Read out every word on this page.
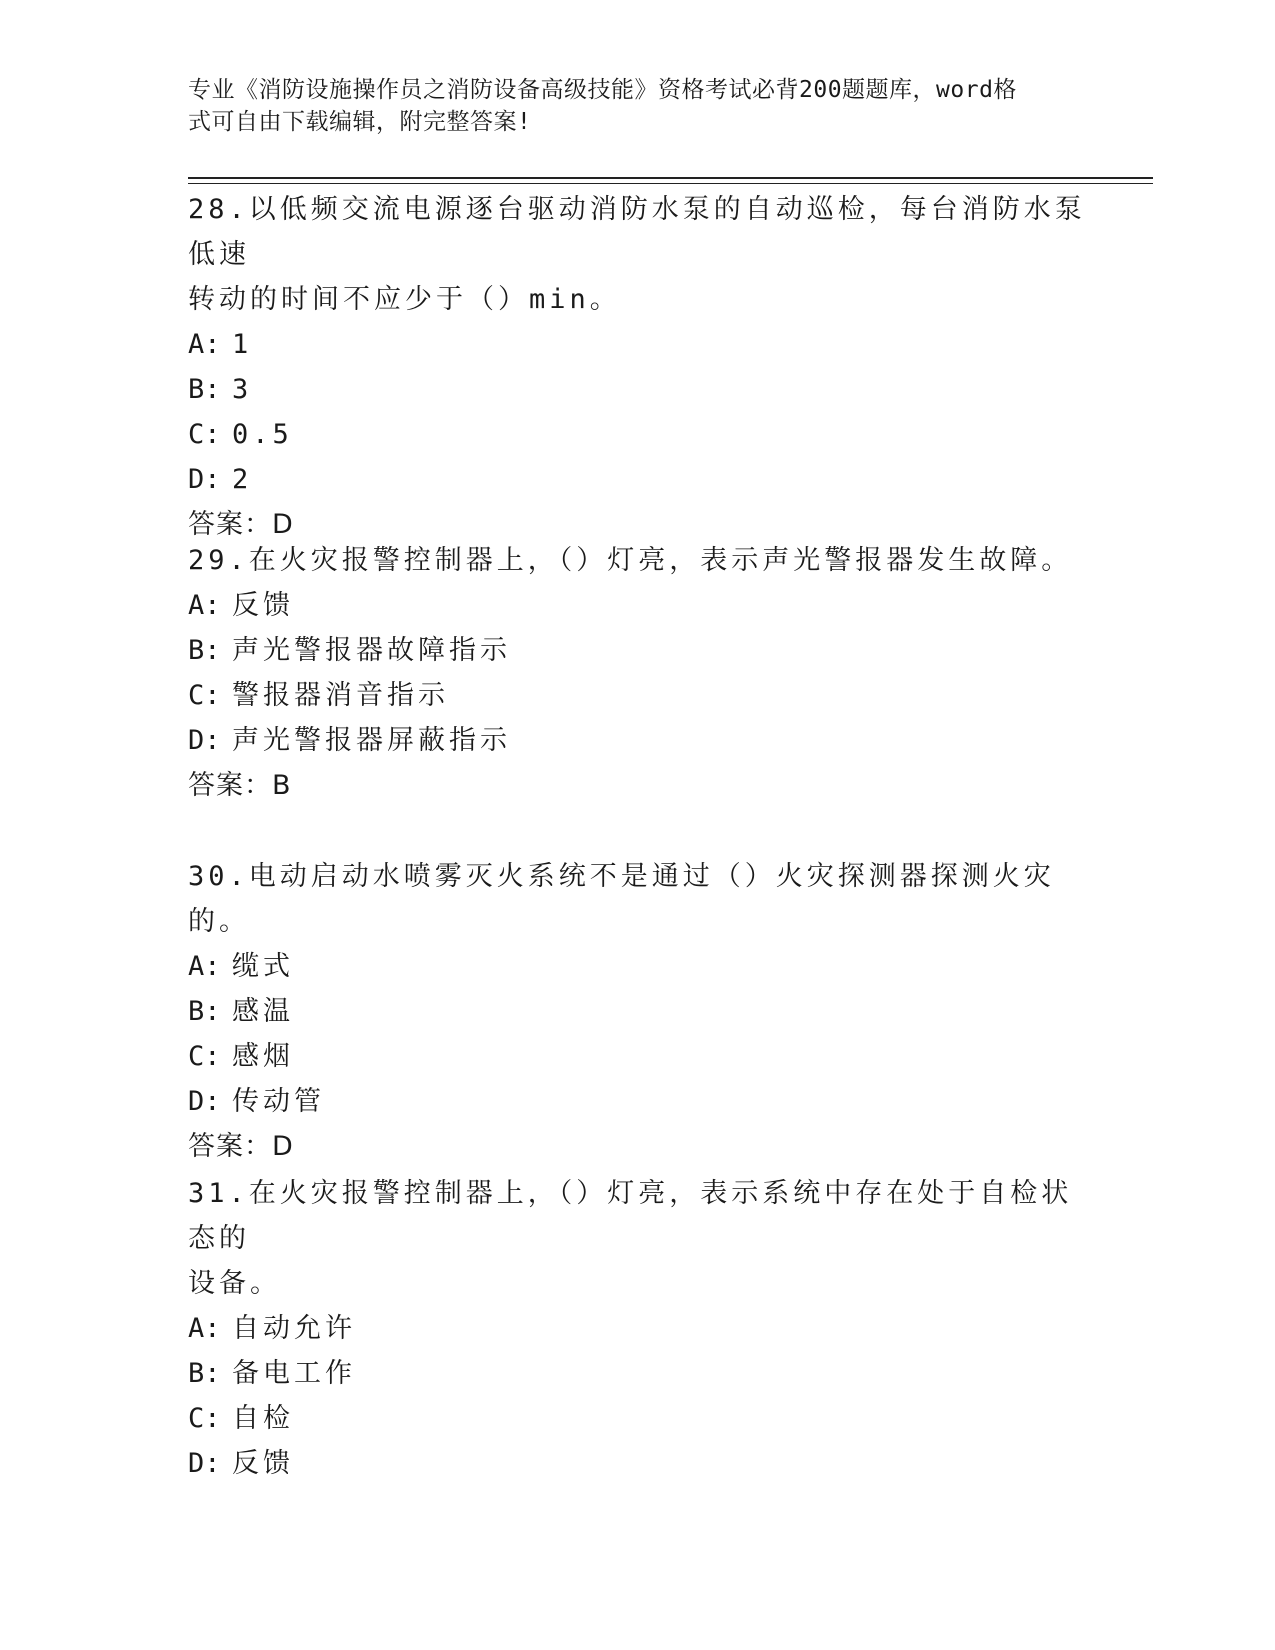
专业《消防设施操作员之消防设备高级技能》资格考试必背200题题库，word格
式可自由下载编辑，附完整答案!

28.以低频交流电源逐台驱动消防水泵的自动巡检，每台消防水泵低速

转动的时间不应少于（）min。

A: 1

B: 3

C: 0.5

D: 2

答案：D

29.在火灾报警控制器上，（）灯亮，表示声光警报器发生故障。

A: 反馈

B: 声光警报器故障指示

C: 警报器消音指示

D: 声光警报器屏蔽指示

答案：B

30.电动启动水喷雾灭火系统不是通过（）火灾探测器探测火灾的。

A: 缆式

B: 感温

C: 感烟

D: 传动管

答案：D

31.在火灾报警控制器上，（）灯亮，表示系统中存在处于自检状态的

设备。

A: 自动允许

B: 备电工作

C: 自检

D: 反馈
